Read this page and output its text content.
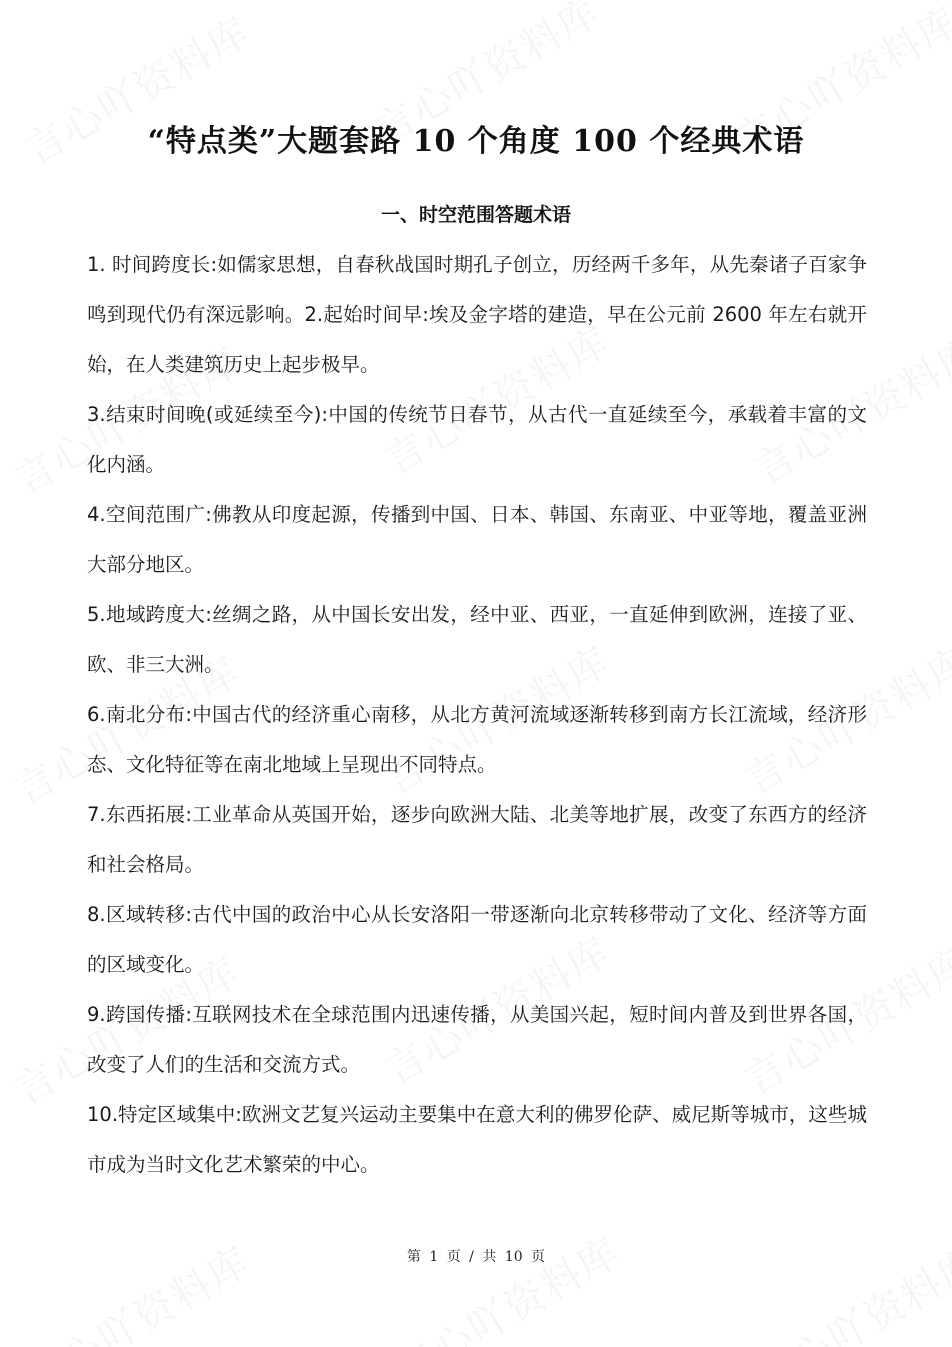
“特点类”大题套路 10 个角度 100 个经典术语
一、时空范围答题术语

1. 时间跨度长:如儒家思想，自春秋战国时期孔子创立，历经两千多年，从先秦诸子百家争鸣到现代仍有深远影响。2.起始时间早:埃及金字塔的建造，早在公元前 2600 年左右就开始，在人类建筑历史上起步极早。

3.结束时间晚(或延续至今):中国的传统节日春节，从古代一直延续至今，承载着丰富的文化内涵。

4.空间范围广:佛教从印度起源，传播到中国、日本、韩国、东南亚、中亚等地，覆盖亚洲大部分地区。

5.地域跨度大:丝绸之路，从中国长安出发，经中亚、西亚，一直延伸到欧洲，连接了亚、欧、非三大洲。

6.南北分布:中国古代的经济重心南移，从北方黄河流域逐渐转移到南方长江流域，经济形态、文化特征等在南北地域上呈现出不同特点。

7.东西拓展:工业革命从英国开始，逐步向欧洲大陆、北美等地扩展，改变了东西方的经济和社会格局。

8.区域转移:古代中国的政治中心从长安洛阳一带逐渐向北京转移带动了文化、经济等方面的区域变化。

9.跨国传播:互联网技术在全球范围内迅速传播，从美国兴起，短时间内普及到世界各国，改变了人们的生活和交流方式。

10.特定区域集中:欧洲文艺复兴运动主要集中在意大利的佛罗伦萨、威尼斯等城市，这些城市成为当时文化艺术繁荣的中心。

第 1 页 / 共 10 页
